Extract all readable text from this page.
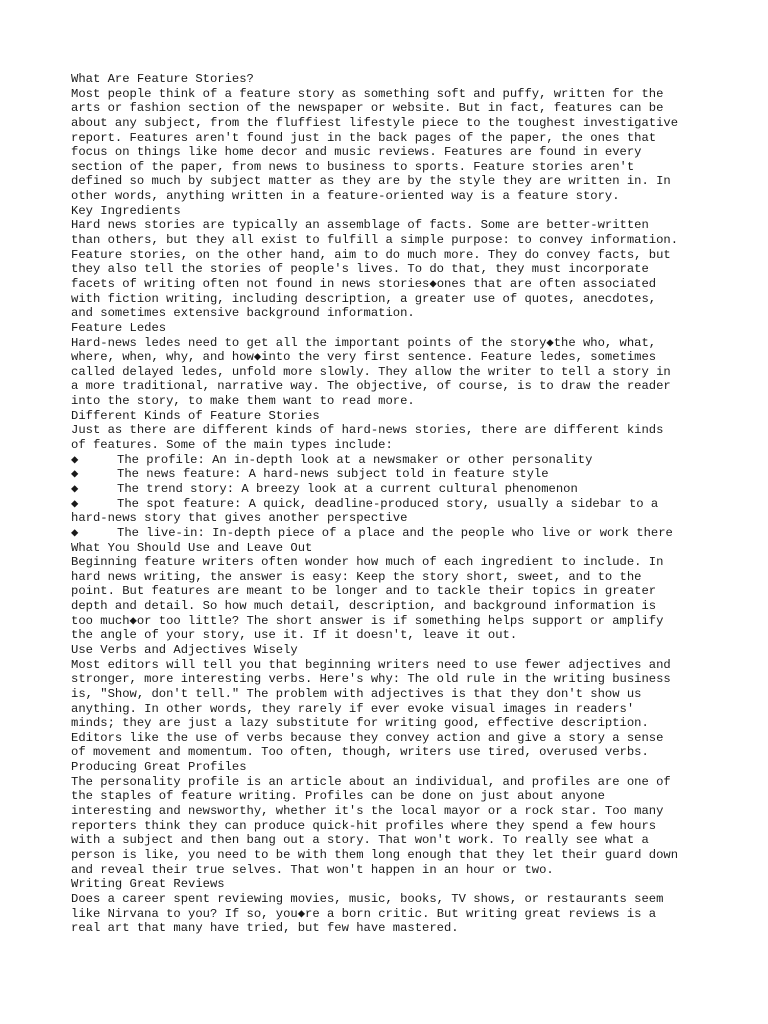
What Are Feature Stories?
Most people think of a feature story as something soft and puffy, written for the
arts or fashion section of the newspaper or website. But in fact, features can be
about any subject, from the fluffiest lifestyle piece to the toughest investigative
report. Features aren't found just in the back pages of the paper, the ones that
focus on things like home decor and music reviews. Features are found in every
section of the paper, from news to business to sports. Feature stories aren't
defined so much by subject matter as they are by the style they are written in. In
other words, anything written in a feature-oriented way is a feature story.
Key Ingredients
Hard news stories are typically an assemblage of facts. Some are better-written
than others, but they all exist to fulfill a simple purpose: to convey information.
Feature stories, on the other hand, aim to do much more. They do convey facts, but
they also tell the stories of people's lives. To do that, they must incorporate
facets of writing often not found in news stories◆ones that are often associated
with fiction writing, including description, a greater use of quotes, anecdotes,
and sometimes extensive background information.
Feature Ledes
Hard-news ledes need to get all the important points of the story◆the who, what,
where, when, why, and how◆into the very first sentence. Feature ledes, sometimes
called delayed ledes, unfold more slowly. They allow the writer to tell a story in
a more traditional, narrative way. The objective, of course, is to draw the reader
into the story, to make them want to read more.
Different Kinds of Feature Stories
Just as there are different kinds of hard-news stories, there are different kinds
of features. Some of the main types include:
◆	The profile: An in-depth look at a newsmaker or other personality
◆	The news feature: A hard-news subject told in feature style
◆	The trend story: A breezy look at a current cultural phenomenon
◆	The spot feature: A quick, deadline-produced story, usually a sidebar to a
hard-news story that gives another perspective
◆	The live-in: In-depth piece of a place and the people who live or work there
What You Should Use and Leave Out
Beginning feature writers often wonder how much of each ingredient to include. In
hard news writing, the answer is easy: Keep the story short, sweet, and to the
point. But features are meant to be longer and to tackle their topics in greater
depth and detail. So how much detail, description, and background information is
too much◆or too little? The short answer is if something helps support or amplify
the angle of your story, use it. If it doesn't, leave it out.
Use Verbs and Adjectives Wisely
Most editors will tell you that beginning writers need to use fewer adjectives and
stronger, more interesting verbs. Here's why: The old rule in the writing business
is, "Show, don't tell." The problem with adjectives is that they don't show us
anything. In other words, they rarely if ever evoke visual images in readers'
minds; they are just a lazy substitute for writing good, effective description.
Editors like the use of verbs because they convey action and give a story a sense
of movement and momentum. Too often, though, writers use tired, overused verbs.
Producing Great Profiles
The personality profile is an article about an individual, and profiles are one of
the staples of feature writing. Profiles can be done on just about anyone
interesting and newsworthy, whether it's the local mayor or a rock star. Too many
reporters think they can produce quick-hit profiles where they spend a few hours
with a subject and then bang out a story. That won't work. To really see what a
person is like, you need to be with them long enough that they let their guard down
and reveal their true selves. That won't happen in an hour or two.
Writing Great Reviews
Does a career spent reviewing movies, music, books, TV shows, or restaurants seem
like Nirvana to you? If so, you◆re a born critic. But writing great reviews is a
real art that many have tried, but few have mastered.
